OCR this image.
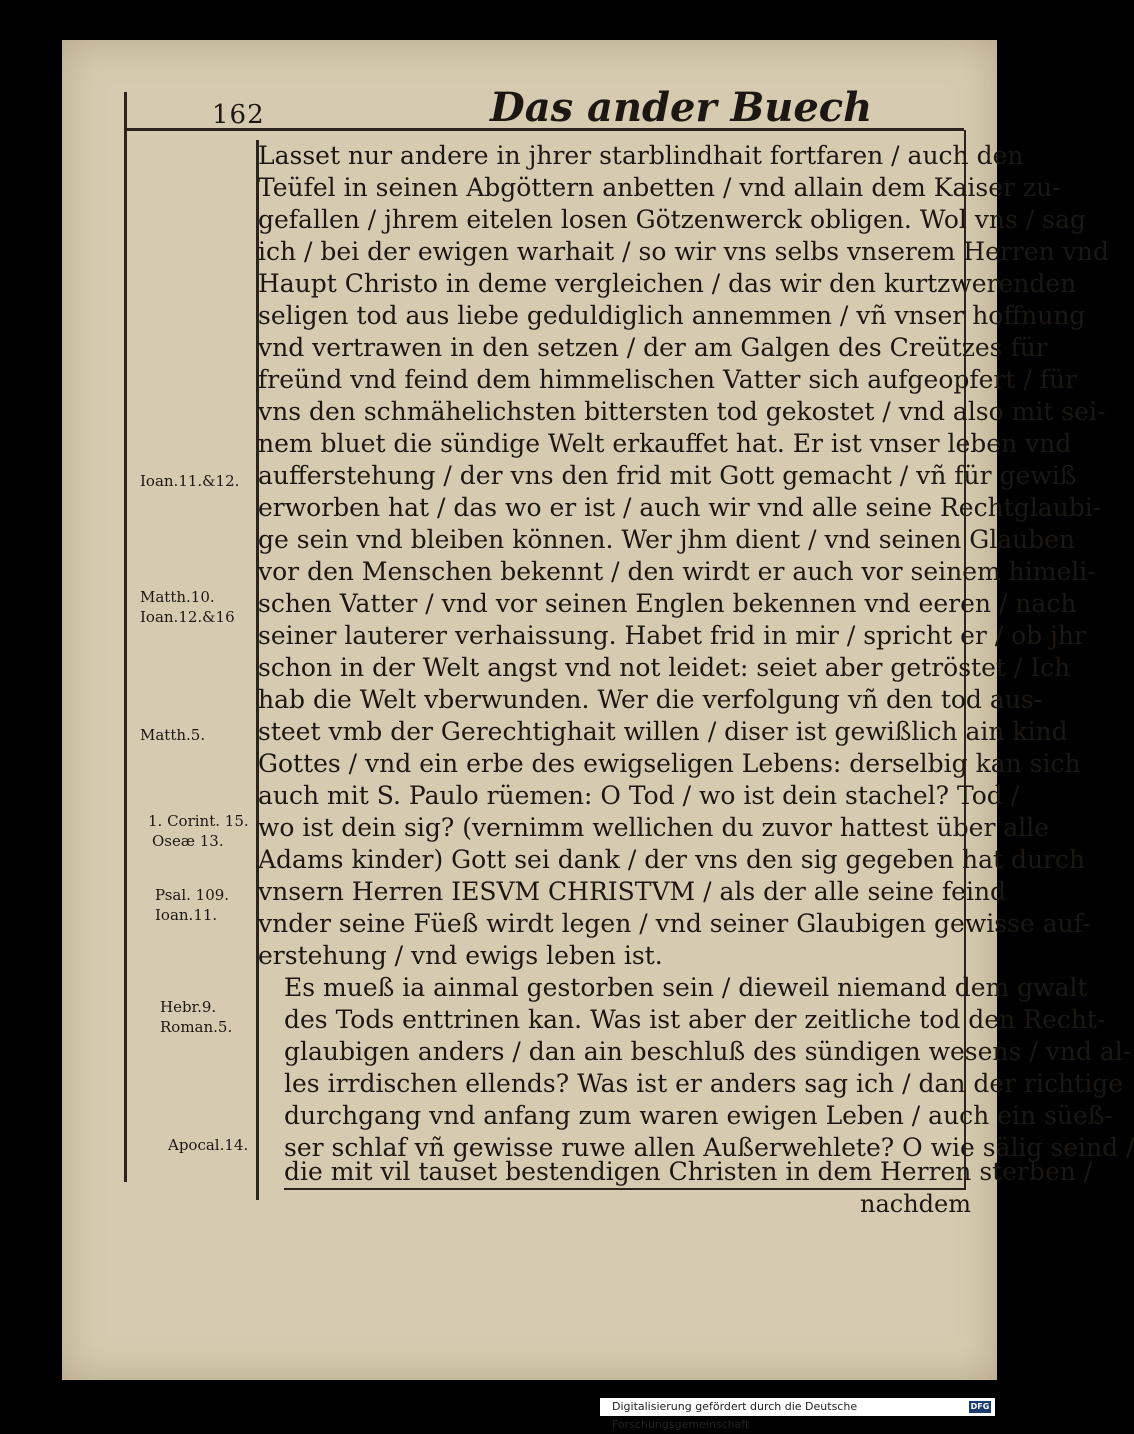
162	Das ander Buech
Lasset nur andere in jhrer starblindhait fortfaren / auch den
Teüfel in seinen Abgöttern anbetten / vnd allain dem Kaiser zu-
gefallen / jhrem eitelen losen Götzenwerck obligen. Wol vns / sag
ich / bei der ewigen warhait / so wir vns selbs vnserem Herren vnd
Haupt Christo in deme vergleichen / das wir den kurtzwerenden
seligen tod aus liebe geduldiglich annemmen / vñ vnser hoffnung
vnd vertrawen in den setzen / der am Galgen des Creützes für
freünd vnd feind dem himmelischen Vatter sich aufgeopfert / für
vns den schmähelichsten bittersten tod gekostet / vnd also mit sei-
nem bluet die sündige Welt erkauffet hat. Er ist vnser leben vnd
aufferstehung / der vns den frid mit Gott gemacht / vñ für gewiß
erworben hat / das wo er ist / auch wir vnd alle seine Rechtglaubi-
ge sein vnd bleiben können. Wer jhm dient / vnd seinen Glauben
vor den Menschen bekennt / den wirdt er auch vor seinem himeli-
schen Vatter / vnd vor seinen Englen bekennen vnd eeren / nach
seiner lauterer verhaissung. Habet frid in mir / spricht er / ob jhr
schon in der Welt angst vnd not leidet: seiet aber getröstet / Ich
hab die Welt vberwunden. Wer die verfolgung vñ den tod aus-
steet vmb der Gerechtighait willen / diser ist gewißlich ain kind
Gottes / vnd ein erbe des ewigseligen Lebens: derselbig kan sich
auch mit S. Paulo rüemen: O Tod / wo ist dein stachel? Tod /
wo ist dein sig? (vernimm wellichen du zuvor hattest über alle
Adams kinder) Gott sei dank / der vns den sig gegeben hat durch
vnsern Herren IESVM CHRISTVM / als der alle seine feind
vnder seine Füeß wirdt legen / vnd seiner Glaubigen gewisse auf-
erstehung / vnd ewigs leben ist.
Es mueß ia ainmal gestorben sein / dieweil niemand dem gwalt
des Tods enttrinen kan. Was ist aber der zeitliche tod den Recht-
glaubigen anders / dan ain beschluß des sündigen wesens / vnd al-
les irrdischen ellends? Was ist er anders sag ich / dan der richtige
durchgang vnd anfang zum waren ewigen Leben / auch ein süeß-
ser schlaf vñ gewisse ruwe allen Außerwehlete? O wie sälig seind /
die mit vil tauset bestendigen Christen in dem Herren sterben /
Ioan.11.&12.
Matth.10.
Ioan.12.&16
Matth.5.
1. Corint. 15.
Oseæ 13.
Psal. 109.
Ioan.11.
Hebr.9.
Roman.5.
Apocal.14.
nachdem
Digitalisierung gefördert durch die Deutsche Forschungsgemeinschaft
DFG
